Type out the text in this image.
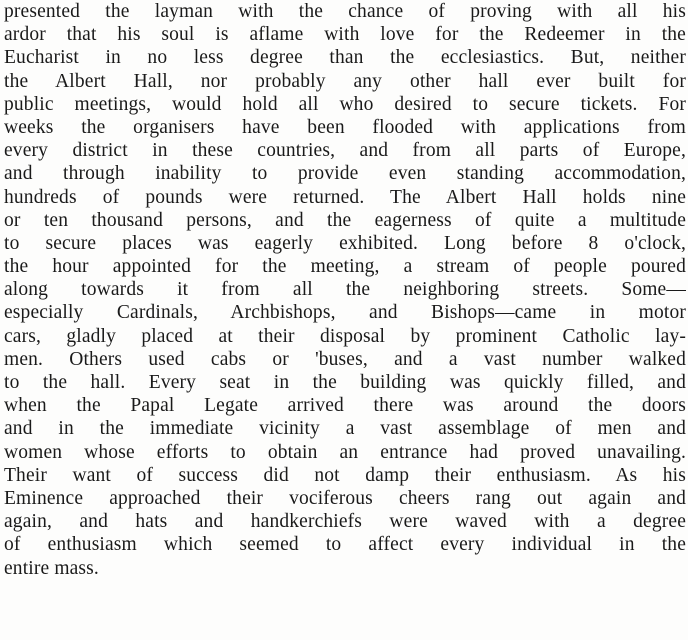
presented the layman with the chance of proving with all his
ardor that his soul is aflame with love for the Redeemer in the
Eucharist in no less degree than the ecclesiastics. But, neither
the Albert Hall, nor probably any other hall ever built for
public meetings, would hold all who desired to secure tickets. For
weeks the organisers have been flooded with applications from
every district in these countries, and from all parts of Europe,
and through inability to provide even standing accommodation,
hundreds of pounds were returned. The Albert Hall holds nine
or ten thousand persons, and the eagerness of quite a multitude
to secure places was eagerly exhibited. Long before 8 o'clock,
the hour appointed for the meeting, a stream of people poured
along towards it from all the neighboring streets. Some—
especially Cardinals, Archbishops, and Bishops—came in motor
cars, gladly placed at their disposal by prominent Catholic lay-
men. Others used cabs or 'buses, and a vast number walked
to the hall. Every seat in the building was quickly filled, and
when the Papal Legate arrived there was around the doors
and in the immediate vicinity a vast assemblage of men and
women whose efforts to obtain an entrance had proved unavailing.
Their want of success did not damp their enthusiasm. As his
Eminence approached their vociferous cheers rang out again and
again, and hats and handkerchiefs were waved with a degree
of enthusiasm which seemed to affect every individual in the
entire mass.
